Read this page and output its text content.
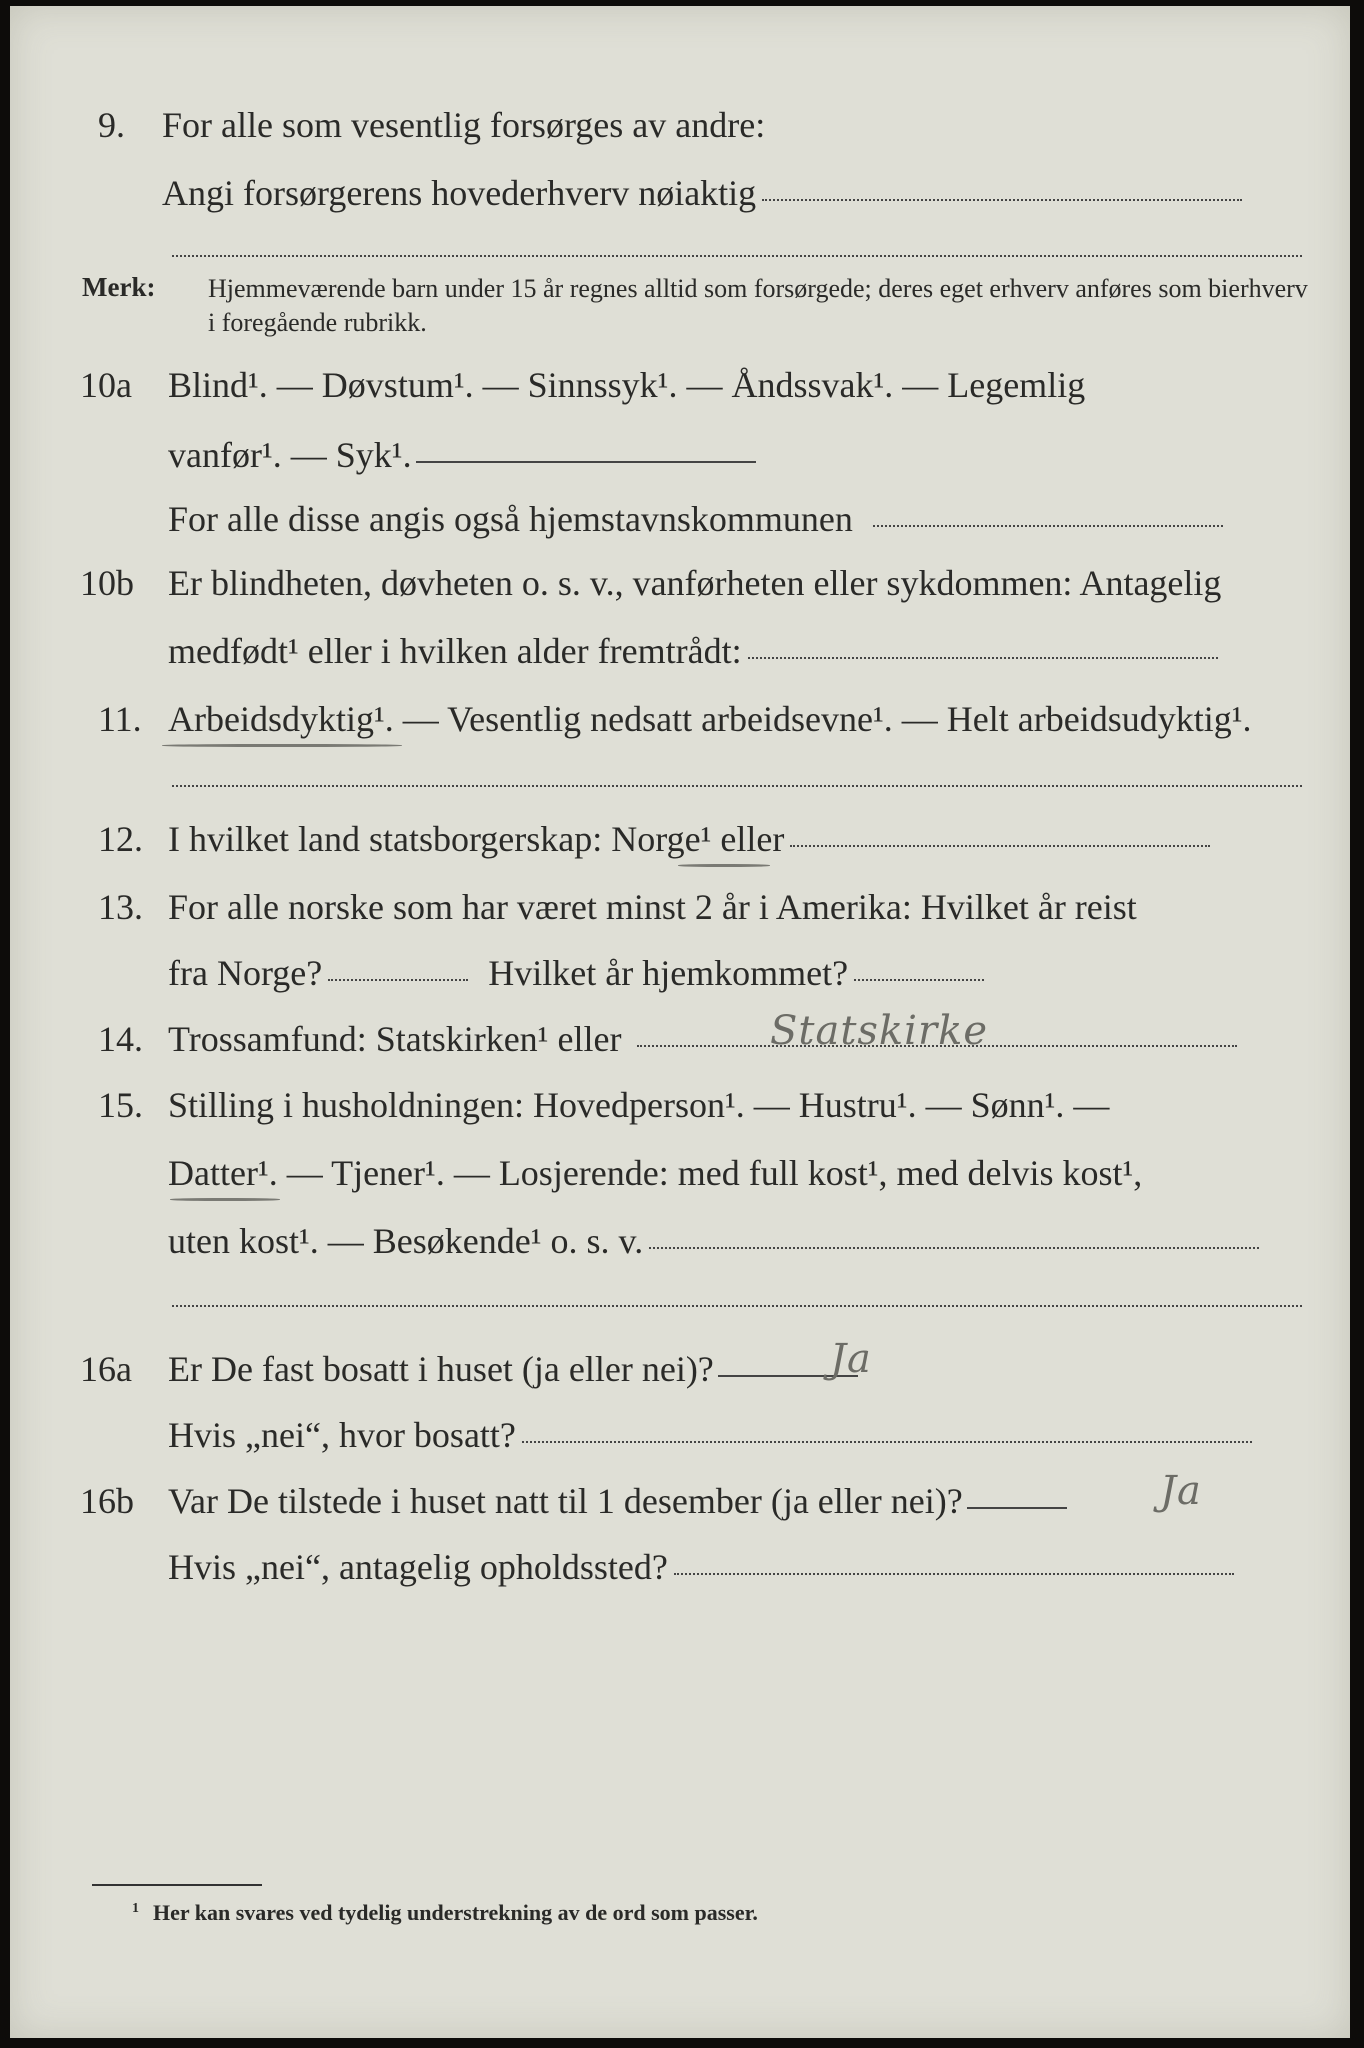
9. For alle som vesentlig forsørges av andre:
Angi forsørgerens hovederhverv nøiaktig
Merk: Hjemmeværende barn under 15 år regnes alltid som forsørgede; deres eget erhverv anføres som bierhverv i foregående rubrikk.
10a Blind¹. — Døvstum¹. — Sinnssyk¹. — Åndssvak¹. — Legemlig
vanfør¹. — Syk¹.
For alle disse angis også hjemstavnskommunen
10b Er blindheten, døvheten o. s. v., vanførheten eller sykdommen: Antagelig
medfødt¹ eller i hvilken alder fremtrådt:
11. Arbeidsdyktig¹. — Vesentlig nedsatt arbeidsevne¹. — Helt arbeidsudyktig¹.
12. I hvilket land statsborgerskap: Norge¹ eller
13. For alle norske som har været minst 2 år i Amerika: Hvilket år reist
fra Norge?	Hvilket år hjemkommet?
14. Trossamfund: Statskirken¹ eller	Statskirke
15. Stilling i husholdningen: Hovedperson¹. — Hustru¹. — Sønn¹. —
Datter¹. — Tjener¹. — Losjerende: med full kost¹, med delvis kost¹,
uten kost¹. — Besøkende¹ o. s. v.
16a Er De fast bosatt i huset (ja eller nei)?	Ja
Hvis „nei“, hvor bosatt?
16b Var De tilstede i huset natt til 1 desember (ja eller nei)?	Ja
Hvis „nei“, antagelig opholdssted?
$^1$ Her kan svares ved tydelig understrekning av de ord som passer.
